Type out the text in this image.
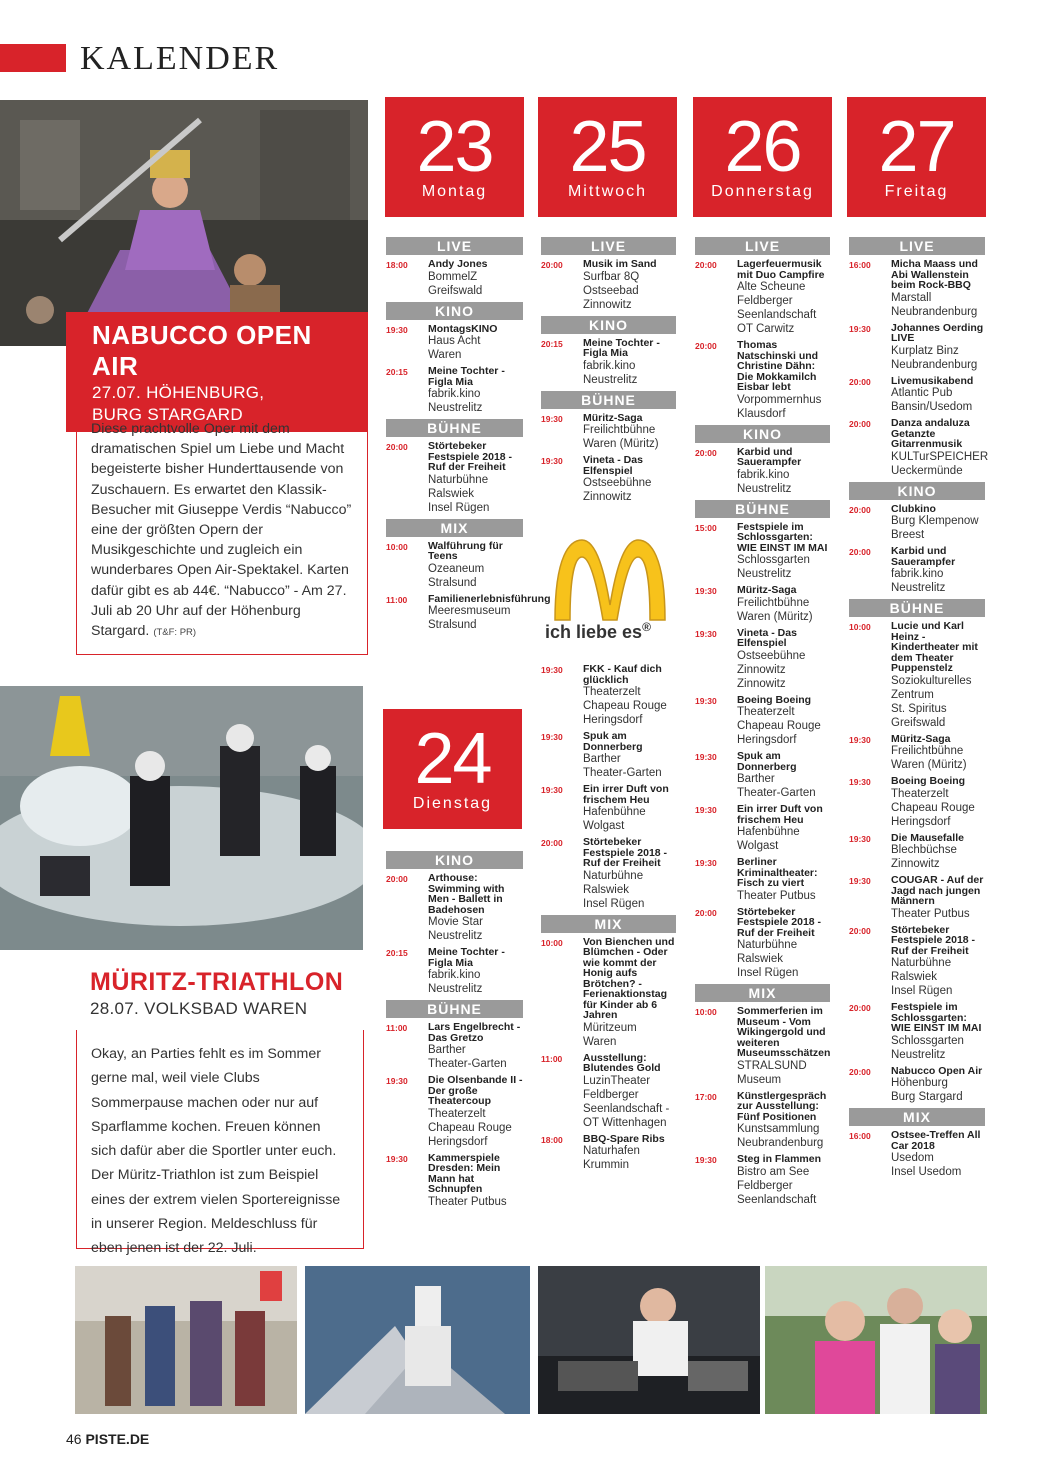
KALENDER
NABUCCO OPEN AIR
27.07. HÖHENBURG,
BURG STARGARD
Diese prachtvolle Oper mit dem dramatischen Spiel um Liebe und Macht begeisterte bisher Hunderttausende von Zuschauern. Es erwartet den Klassik-Besucher mit Giuseppe Verdis “Nabucco” eine der größten Opern der Musikgeschichte und zugleich ein wunderbares Open Air-Spektakel. Karten dafür gibt es ab 44€. “Nabucco” - Am 27. Juli ab 20 Uhr auf der Höhenburg Stargard. (T&F: PR)
MÜRITZ-TRIATHLON
28.07. VOLKSBAD WAREN
Okay, an Parties fehlt es im Sommer gerne mal, weil viele Clubs Sommerpause machen oder nur auf Sparflamme kochen. Freuen können sich dafür aber die Sportler unter euch. Der Müritz-Triathlon ist zum Beispiel eines der extrem vielen Sportereignisse in unserer Region. Meldeschluss für eben jenen ist der 22. Juli.

23
Montag
25
Mittwoch
26
Donnerstag
27
Freitag
24
Dienstag
LIVE
18:00 Andy Jones
BommelZ
Greifswald
KINO
19:30 MontagsKINO
Haus Acht
Waren
20:15 Meine Tochter - Figla Mia
fabrik.kino
Neustrelitz
BÜHNE
20:00 Störtebeker Festspiele 2018 - Ruf der Freiheit
Naturbühne Ralswiek
Insel Rügen
MIX
10:00 Walführung für Teens
Ozeaneum Stralsund
11:00 Familienerlebnisführung
Meeresmuseum
Stralsund
KINO
20:00 Arthouse: Swimming with Men - Ballett in Badehosen
Movie Star
Neustrelitz
20:15 Meine Tochter - Figla Mia
fabrik.kino
Neustrelitz
BÜHNE
11:00 Lars Engelbrecht - Das Gretzo
Barther
Theater-Garten
19:30 Die Olsenbande II - Der große Theatercoup
Theaterzelt Chapeau Rouge
Heringsdorf
19:30 Kammerspiele Dresden: Mein Mann hat Schnupfen
Theater Putbus
LIVE
20:00 Musik im Sand
Surfbar 8Q
Ostseebad Zinnowitz
KINO
20:15 Meine Tochter - Figla Mia
fabrik.kino
Neustrelitz
BÜHNE
19:30 Müritz-Saga
Freilichtbühne
Waren (Müritz)
19:30 Vineta - Das Elfenspiel
Ostseebühne
Zinnowitz
19:30 FKK - Kauf dich glücklich
Theaterzelt
Chapeau Rouge
Heringsdorf
19:30 Spuk am Donnerberg
Barther
Theater-Garten
19:30 Ein irrer Duft von frischem Heu
Hafenbühne
Wolgast
20:00 Störtebeker Festspiele 2018 - Ruf der Freiheit
Naturbühne Ralswiek
Insel Rügen
MIX
10:00 Von Bienchen und Blümchen - Oder wie kommt der Honig aufs Brötchen? - Ferienaktionstag für Kinder ab 6 Jahren
Müritzeum
Waren
11:00 Ausstellung: Blutendes Gold
LuzinTheater
Feldberger
Seenlandschaft - OT Wittenhagen
18:00 BBQ-Spare Ribs
Naturhafen
Krummin
LIVE
20:00 Lagerfeuermusik mit Duo Campfire
Alte Scheune
Feldberger Seenlandschaft OT Carwitz
20:00 Thomas Natschinski und Christine Dähn: Die Mokkamilch Eisbar lebt
Vorpommernhus
Klausdorf
KINO
20:00 Karbid und Sauerampfer
fabrik.kino
Neustrelitz
BÜHNE
15:00 Festspiele im Schlossgarten: WIE EINST IM MAI
Schlossgarten
Neustrelitz
19:30 Müritz-Saga
Freilichtbühne Waren (Müritz)
19:30 Vineta - Das Elfenspiel
Ostseebühne Zinnowitz
Zinnowitz
19:30 Boeing Boeing
Theaterzelt
Chapeau Rouge
Heringsdorf
19:30 Spuk am Donnerberg
Barther
Theater-Garten
19:30 Ein irrer Duft von frischem Heu
Hafenbühne
Wolgast
19:30 Berliner Kriminaltheater: Fisch zu viert
Theater Putbus
20:00 Störtebeker Festspiele 2018 - Ruf der Freiheit
Naturbühne Ralswiek
Insel Rügen
MIX
10:00 Sommerferien im Museum - Vom Wikingergold und weiteren Museumsschätzen
STRALSUND Museum
17:00 Künstlergespräch zur Ausstellung: Fünf Positionen
Kunstsammlung
Neubrandenburg
19:30 Steg in Flammen
Bistro am See
Feldberger
Seenlandschaft
LIVE
16:00 Micha Maass und Abi Wallenstein beim Rock-BBQ
Marstall
Neubrandenburg
19:30 Johannes Oerding LIVE
Kurplatz Binz
Neubrandenburg
20:00 Livemusikabend
Atlantic Pub
Bansin/Usedom
20:00 Danza andaluza Getanzte Gitarrenmusik
KULTurSPEICHER
Ueckermünde
KINO
20:00 Clubkino
Burg Klempenow
Breest
20:00 Karbid und Sauerampfer
fabrik.kino
Neustrelitz
BÜHNE
10:00 Lucie und Karl Heinz - Kindertheater mit dem Theater Puppenstelz
Soziokulturelles Zentrum
St. Spiritus
Greifswald
19:30 Müritz-Saga
Freilichtbühne
Waren (Müritz)
19:30 Boeing Boeing
Theaterzelt
Chapeau Rouge
Heringsdorf
19:30 Die Mausefalle
Blechbüchse
Zinnowitz
19:30 COUGAR - Auf der Jagd nach jungen Männern
Theater Putbus
20:00 Störtebeker Festspiele 2018 - Ruf der Freiheit
Naturbühne Ralswiek
Insel Rügen
20:00 Festspiele im Schlossgarten: WIE EINST IM MAI
Schlossgarten
Neustrelitz
20:00 Nabucco Open Air
Höhenburg
Burg Stargard
MIX
16:00 Ostsee-Treffen All Car 2018
Usedom
Insel Usedom
ich liebe es®
46 PISTE.DE
